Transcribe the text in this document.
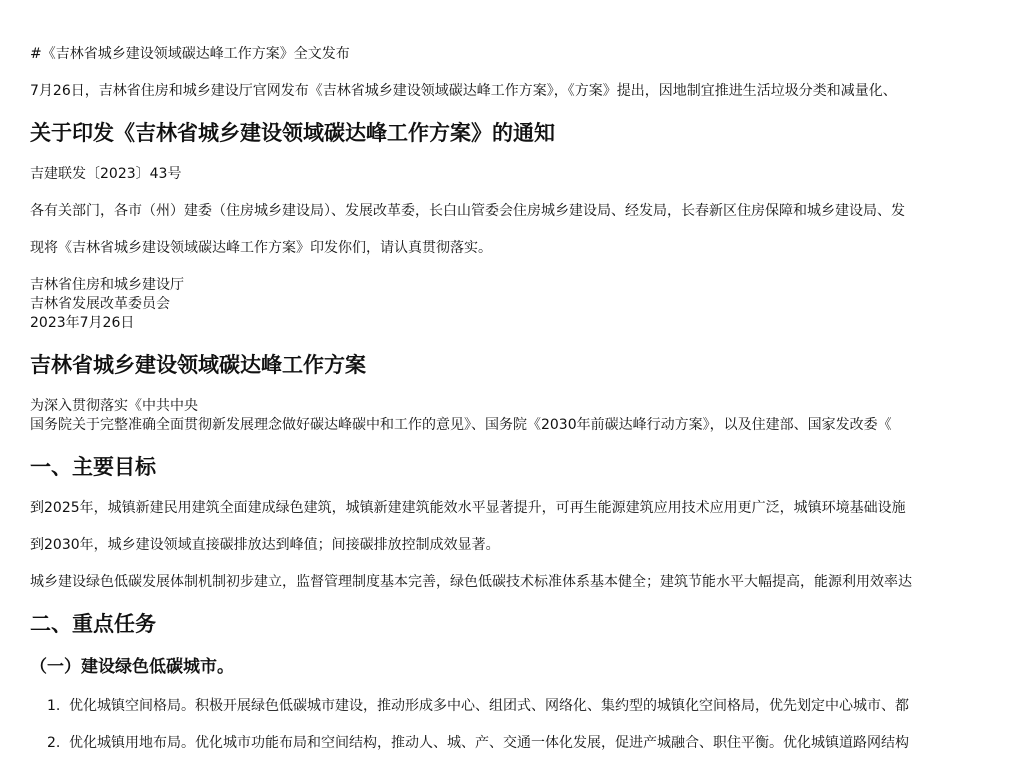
#《吉林省城乡建设领域碳达峰工作方案》全文发布

7月26日，吉林省住房和城乡建设厅官网发布《吉林省城乡建设领域碳达峰工作方案》，《方案》提出，因地制宜推进生活垃圾分类和减量化、

关于印发《吉林省城乡建设领域碳达峰工作方案》的通知

吉建联发〔2023〕43号

各有关部门，各市（州）建委（住房城乡建设局）、发展改革委，长白山管委会住房城乡建设局、经发局，长春新区住房保障和城乡建设局、发

现将《吉林省城乡建设领域碳达峰工作方案》印发你们，请认真贯彻落实。

吉林省住房和城乡建设厅

吉林省发展改革委员会

2023年7月26日

吉林省城乡建设领域碳达峰工作方案

为深入贯彻落实《中共中央

国务院关于完整准确全面贯彻新发展理念做好碳达峰碳中和工作的意见》、国务院《2030年前碳达峰行动方案》，以及住建部、国家发改委《

一、主要目标

到2025年，城镇新建民用建筑全面建成绿色建筑，城镇新建建筑能效水平显著提升，可再生能源建筑应用技术应用更广泛，城镇环境基础设施

到2030年，城乡建设领域直接碳排放达到峰值；间接碳排放控制成效显著。

城乡建设绿色低碳发展体制机制初步建立，监督管理制度基本完善，绿色低碳技术标准体系基本健全；建筑节能水平大幅提高，能源利用效率达

二、重点任务
（一）建设绿色低碳城市。
1. 优化城镇空间格局。积极开展绿色低碳城市建设，推动形成多中心、组团式、网络化、集约型的城镇化空间格局，优先划定中心城市、都
2. 优化城镇用地布局。优化城市功能布局和空间结构，推动人、城、产、交通一体化发展，促进产城融合、职住平衡。优化城镇道路网结构
